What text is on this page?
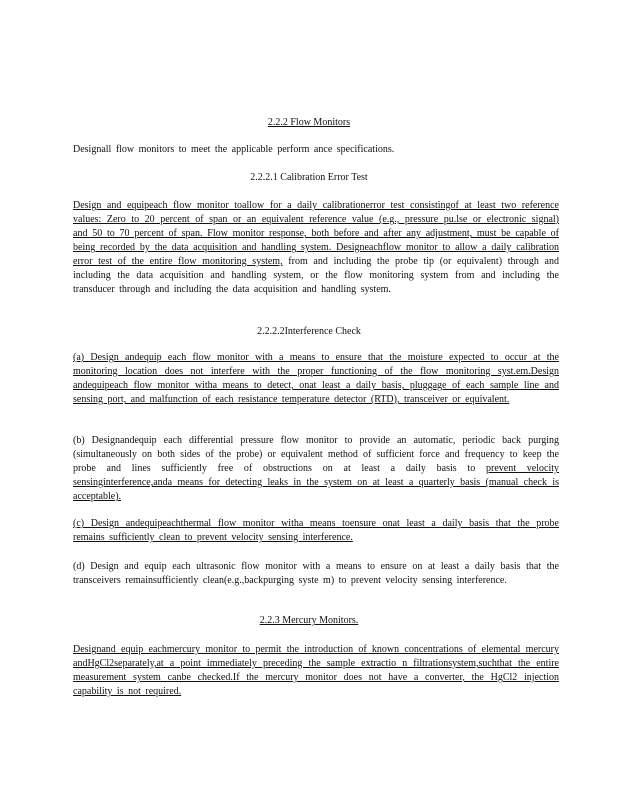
2.2.2 Flow Monitors
Designall flow monitors to meet the applicable perform ance specifications.
2.2.2.1 Calibration Error Test
Design and equipeach flow monitor toallow for a daily calibrationerror test consistingof at least two reference values: Zero to 20 percent of span or an equivalent reference value (e.g., pressure pu.lse or electronic signal) and 50 to 70 percent of span. Flow monitor response, both before and after any adjustment, must be capable of being recorded by the data acquisition and handling system. Designeachflow monitor to allow a daily calibration error test of the entire flow monitoring system, from and including the probe tip (or equivalent) through and including the data acquisition and handling system, or the flow monitoring system from and including the transducer through and including the data acquisition and handling system.
2.2.2.2Interference Check
(a) Design andequip each flow monitor with a means to ensure that the moisture expected to occur at the monitoring location does not interfere with the proper functioning of the flow monitoring syst.em.Design andequipeach flow monitor witha means to detect, onat least a daily basis, pluggage of each sample line and sensing port, and malfunction of each resistance temperature detector (RTD), transceiver or equivalent.
(b) Designandequip each differential pressure flow monitor to provide an automatic, periodic back purging (simultaneously on both sides of the probe) or equivalent method of sufficient force and frequency to keep the probe and lines sufficiently free of obstructions on at least a daily basis to prevent velocity sensinginterference,anda means for detecting leaks in the system on at least a quarterly basis (manual check is acceptable).
(c) Design andequipeachthermal flow monitor witha means toensure onat least a daily basis that the probe remains sufficiently clean to prevent velocity sensing interference.
(d) Design and equip each ultrasonic flow monitor with a means to ensure on at least a daily basis that the transceivers remainsufficiently clean(e.g.,backpurging syste m) to prevent velocity sensing interference.
2.2.3 Mercury Monitors.
Designand equip eachmercury monitor to permit the introduction of known concentrations of elemental mercury andHgCl2separately,at a point immediately preceding the sample extractio n filtrationsystem,suchthat the entire measurement system canbe checked.If the mercury monitor does not have a converter, the HgCl2 injection capability is not required.
